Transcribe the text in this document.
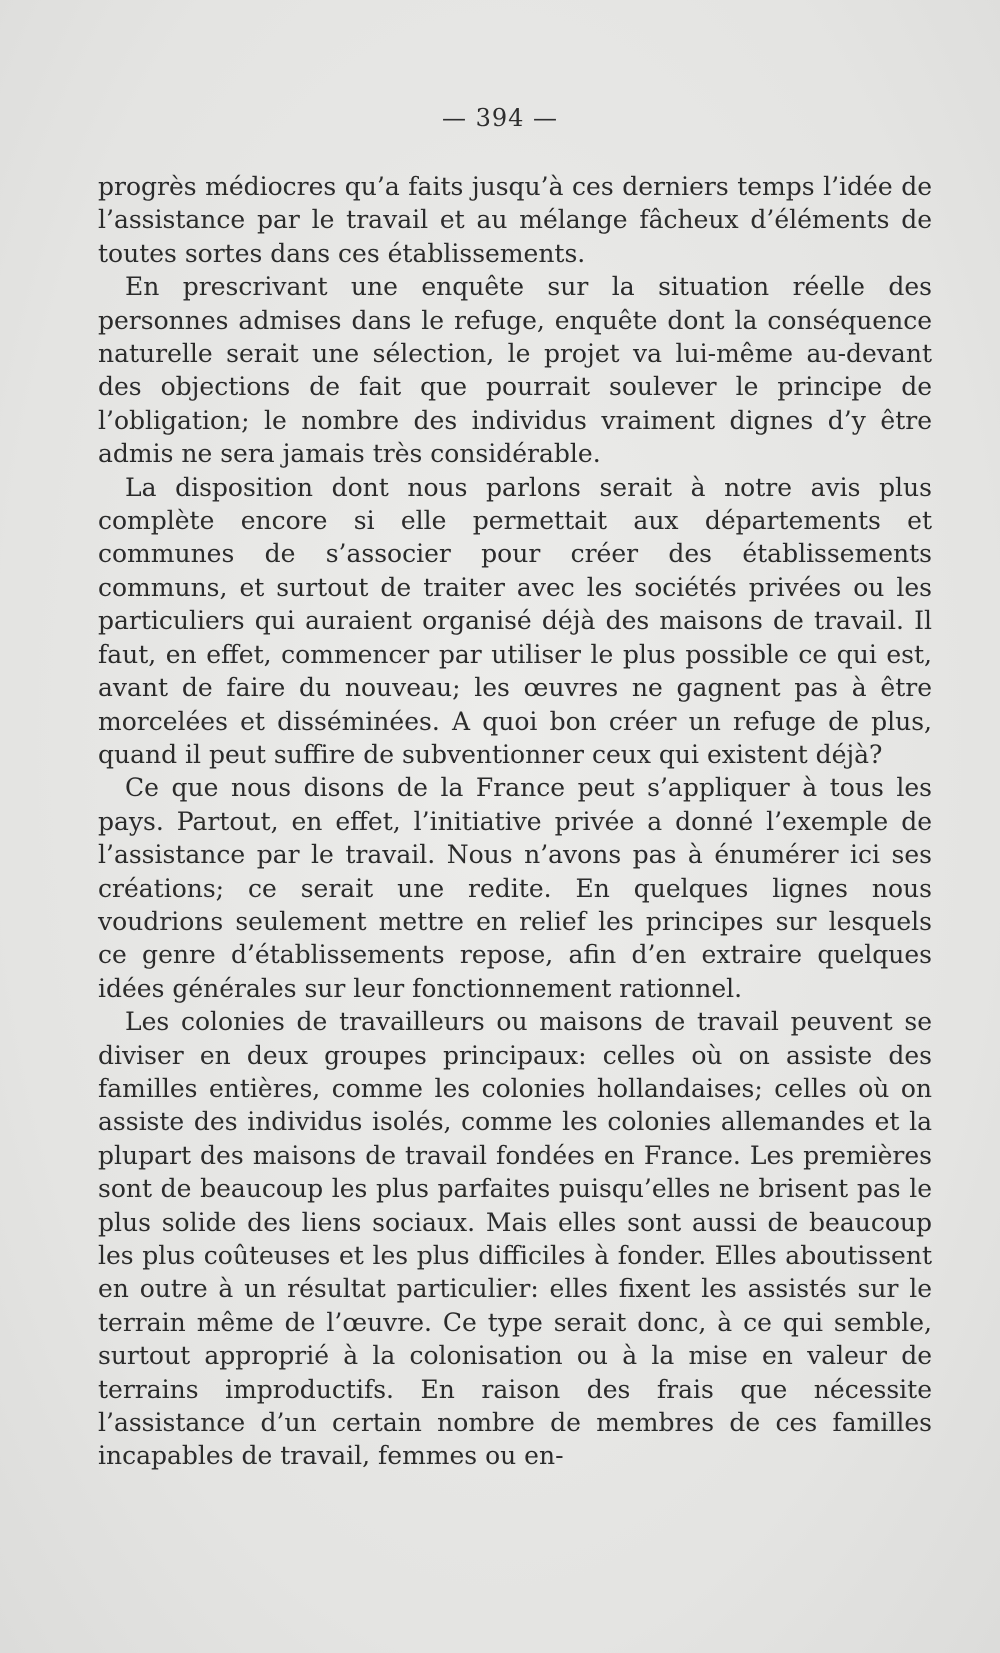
— 394 —

progrès médiocres qu’a faits jusqu’à ces derniers temps l’idée de l’assistance par le travail et au mélange fâcheux d’éléments de toutes sortes dans ces établissements.

En prescrivant une enquête sur la situation réelle des personnes admises dans le refuge, enquête dont la conséquence naturelle serait une sélection, le projet va lui-même au-devant des objections de fait que pourrait soulever le principe de l’obligation; le nombre des individus vraiment dignes d’y être admis ne sera jamais très considérable.

La disposition dont nous parlons serait à notre avis plus complète encore si elle permettait aux départements et communes de s’associer pour créer des établissements communs, et surtout de traiter avec les sociétés privées ou les particuliers qui auraient organisé déjà des maisons de travail. Il faut, en effet, commencer par utiliser le plus possible ce qui est, avant de faire du nouveau; les œuvres ne gagnent pas à être morcelées et disséminées. A quoi bon créer un refuge de plus, quand il peut suffire de subventionner ceux qui existent déjà?

Ce que nous disons de la France peut s’appliquer à tous les pays. Partout, en effet, l’initiative privée a donné l’exemple de l’assistance par le travail. Nous n’avons pas à énumérer ici ses créations; ce serait une redite. En quelques lignes nous voudrions seulement mettre en relief les principes sur lesquels ce genre d’établissements repose, afin d’en extraire quelques idées générales sur leur fonctionnement rationnel.

Les colonies de travailleurs ou maisons de travail peuvent se diviser en deux groupes principaux: celles où on assiste des familles entières, comme les colonies hollandaises; celles où on assiste des individus isolés, comme les colonies allemandes et la plupart des maisons de travail fondées en France. Les premières sont de beaucoup les plus parfaites puisqu’elles ne brisent pas le plus solide des liens sociaux. Mais elles sont aussi de beaucoup les plus coûteuses et les plus difficiles à fonder. Elles aboutissent en outre à un résultat particulier: elles fixent les assistés sur le terrain même de l’œuvre. Ce type serait donc, à ce qui semble, surtout approprié à la colonisation ou à la mise en valeur de terrains improductifs. En raison des frais que nécessite l’assistance d’un certain nombre de membres de ces familles incapables de travail, femmes ou en-
